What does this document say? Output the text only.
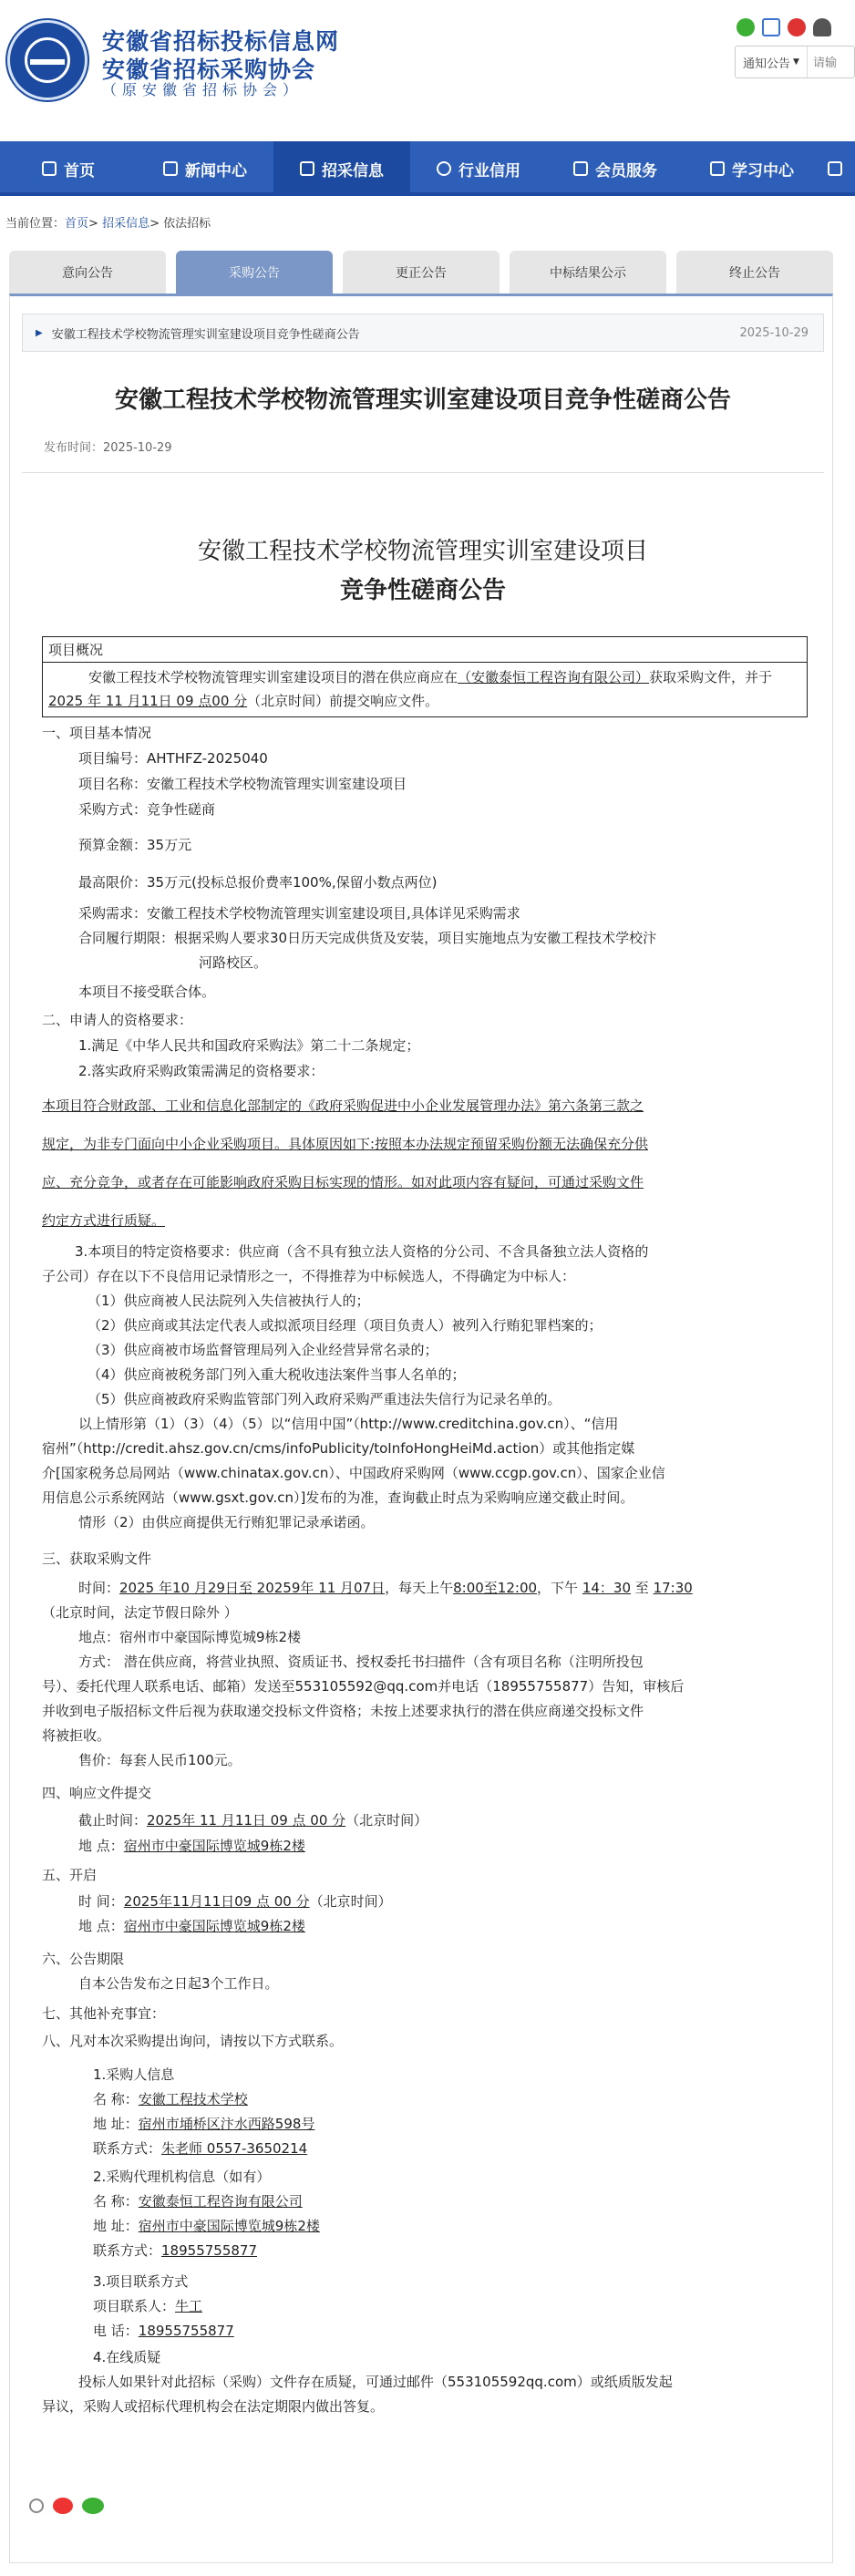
安徽省招标投标信息网
安徽省招标采购协会
（原安徽省招标协会）
通知公告 ▼
请输
首页	新闻中心	招采信息	行业信用	会员服务	学习中心
当前位置：首页> 招采信息> 依法招标
意向公告	采购公告	更正公告	中标结果公示	终止公告
▶ 安徽工程技术学校物流管理实训室建设项目竞争性磋商公告	2025-10-29
安徽工程技术学校物流管理实训室建设项目竞争性磋商公告
发布时间：2025-10-29
安徽工程技术学校物流管理实训室建设项目
竞争性磋商公告
项目概况
安徽工程技术学校物流管理实训室建设项目的潜在供应商应在（安徽泰恒工程咨询有限公司）获取采购文件，并于2025 年 11 月11日 09 点00 分（北京时间）前提交响应文件。
一、项目基本情况
项目编号：AHTHFZ-2025040
项目名称：安徽工程技术学校物流管理实训室建设项目
采购方式：竞争性磋商
预算金额：35万元
最高限价：35万元(投标总报价费率100%,保留小数点两位)
采购需求：安徽工程技术学校物流管理实训室建设项目,具体详见采购需求
合同履行期限：根据采购人要求30日历天完成供货及安装，项目实施地点为安徽工程技术学校汴
河路校区。
本项目不接受联合体。
二、申请人的资格要求：
1.满足《中华人民共和国政府采购法》第二十二条规定；
2.落实政府采购政策需满足的资格要求：
本项目符合财政部、工业和信息化部制定的《政府采购促进中小企业发展管理办法》第六条第三款之
规定，为非专门面向中小企业采购项目。具体原因如下:按照本办法规定预留采购份额无法确保充分供
应、充分竞争，或者存在可能影响政府采购目标实现的情形。如对此项内容有疑问，可通过采购文件
约定方式进行质疑。
3.本项目的特定资格要求：供应商（含不具有独立法人资格的分公司、不含具备独立法人资格的
子公司）存在以下不良信用记录情形之一，不得推荐为中标候选人，不得确定为中标人：
（1）供应商被人民法院列入失信被执行人的；
（2）供应商或其法定代表人或拟派项目经理（项目负责人）被列入行贿犯罪档案的；
（3）供应商被市场监督管理局列入企业经营异常名录的；
（4）供应商被税务部门列入重大税收违法案件当事人名单的；
（5）供应商被政府采购监管部门列入政府采购严重违法失信行为记录名单的。
以上情形第（1）（3）（4）（5）以“信用中国”（http://www.creditchina.gov.cn）、“信用
宿州”（http://credit.ahsz.gov.cn/cms/infoPublicity/toInfoHongHeiMd.action）或其他指定媒
介[国家税务总局网站（www.chinatax.gov.cn）、中国政府采购网（www.ccgp.gov.cn）、国家企业信
用信息公示系统网站（www.gsxt.gov.cn）]发布的为准，查询截止时点为采购响应递交截止时间。
情形（2）由供应商提供无行贿犯罪记录承诺函。
三、获取采购文件
时间：2025 年10 月29日至 20259年 11 月07日，每天上午8:00至12:00，下午 14：30 至 17:30
（北京时间，法定节假日除外 ）
地点：宿州市中豪国际博览城9栋2楼
方式： 潜在供应商，将营业执照、资质证书、授权委托书扫描件（含有项目名称（注明所投包
号）、委托代理人联系电话、邮箱）发送至553105592@qq.com并电话（18955755877）告知，审核后
并收到电子版招标文件后视为获取递交投标文件资格；未按上述要求执行的潜在供应商递交投标文件
将被拒收。
售价：每套人民币100元。
四、响应文件提交
截止时间：2025年 11 月11日 09 点 00 分（北京时间）
地 点：宿州市中豪国际博览城9栋2楼
五、开启
时 间：2025年11月11日09 点 00 分（北京时间）
地 点：宿州市中豪国际博览城9栋2楼
六、公告期限
自本公告发布之日起3个工作日。
七、其他补充事宜：
八、凡对本次采购提出询问，请按以下方式联系。
1.采购人信息
名 称：安徽工程技术学校
地 址：宿州市埇桥区汴水西路598号
联系方式：朱老师 0557-3650214
2.采购代理机构信息（如有）
名 称：安徽泰恒工程咨询有限公司
地 址：宿州市中豪国际博览城9栋2楼
联系方式：18955755877
3.项目联系方式
项目联系人：牛工
电 话：18955755877
4.在线质疑
投标人如果针对此招标（采购）文件存在质疑，可通过邮件（553105592qq.com）或纸质版发起
异议，采购人或招标代理机构会在法定期限内做出答复。
